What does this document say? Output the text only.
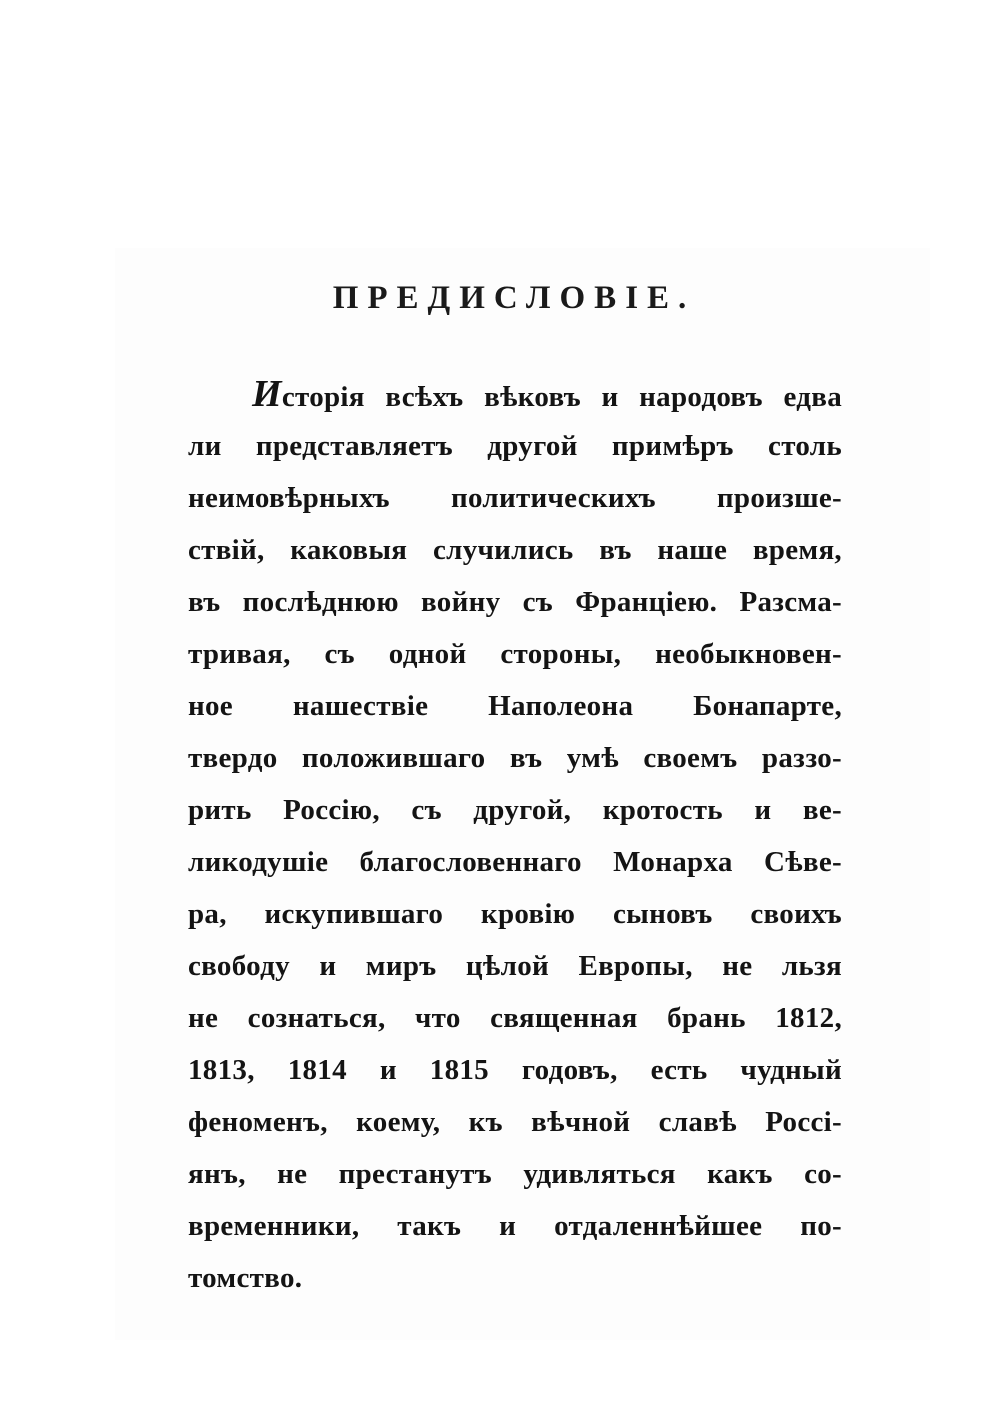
ПРЕДИСЛОВІЕ.
Исторія всѣхъ вѣковъ и народовъ едва
ли представляетъ другой примѣръ столь
неимовѣрныхъ политическихъ произше-
ствій, каковыя случились въ наше время,
въ послѣднюю войну съ Франціею. Разсма-
тривая, съ одной стороны, необыкновен-
ное нашествіе Наполеона Бонапарте,
твердо положившаго въ умѣ своемъ раззо-
рить Россію, съ другой, кротость и ве-
ликодушіе благословеннаго Монарха Сѣве-
ра, искупившаго кровію сыновъ своихъ
свободу и миръ цѣлой Европы, не льзя
не сознаться, что священная брань 1812,
1813, 1814 и 1815 годовъ, есть чудный
феноменъ, коему, къ вѣчной славѣ Россі-
янъ, не престанутъ удивляться какъ со-
временники, такъ и отдаленнѣйшее по-
томство.
